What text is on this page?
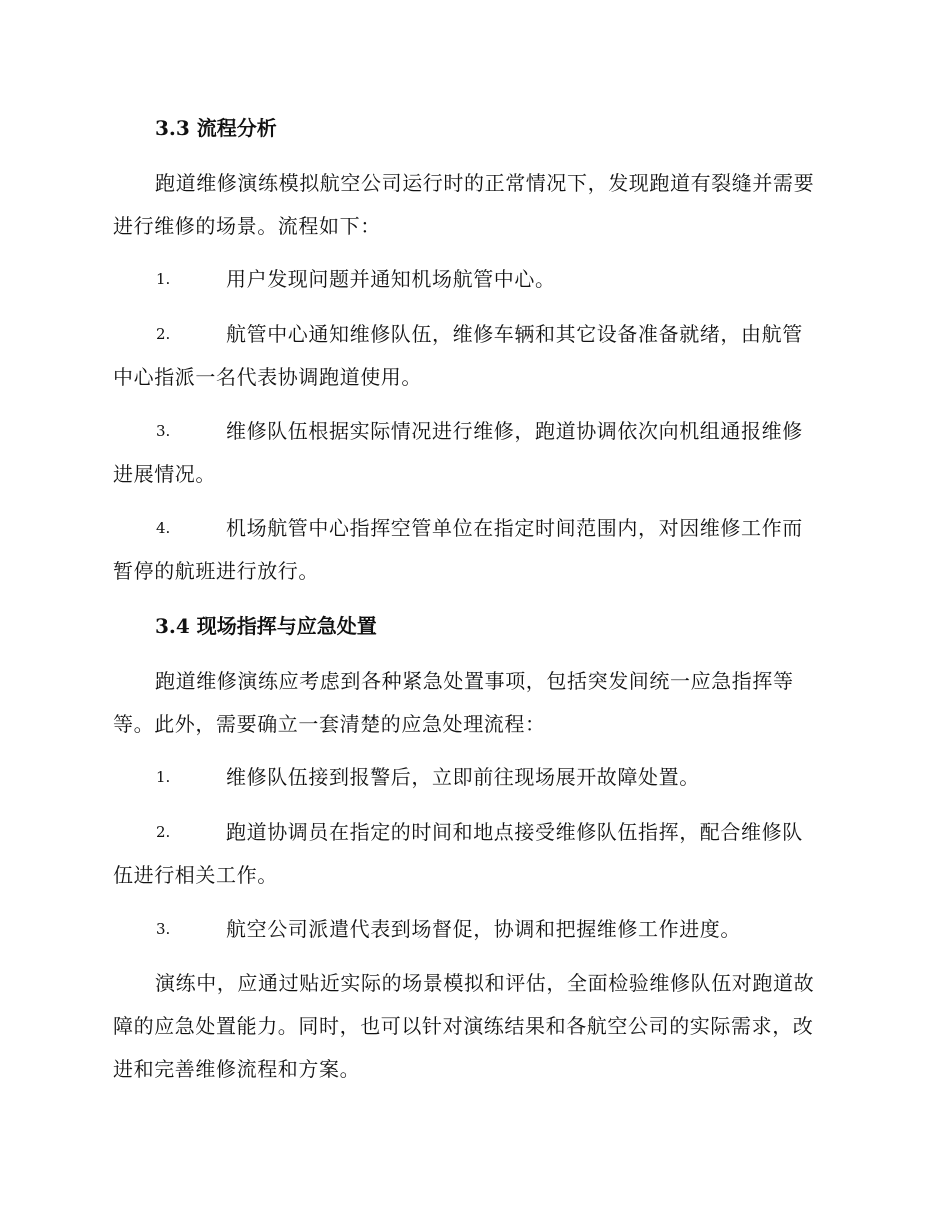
3.3 流程分析

跑道维修演练模拟航空公司运行时的正常情况下，发现跑道有裂缝并需要进行维修的场景。流程如下：

1.	用户发现问题并通知机场航管中心。
2.	航管中心通知维修队伍，维修车辆和其它设备准备就绪，由航管
中心指派一名代表协调跑道使用。
3.	维修队伍根据实际情况进行维修，跑道协调依次向机组通报维修
进展情况。
4.	机场航管中心指挥空管单位在指定时间范围内，对因维修工作而
暂停的航班进行放行。
3.4 现场指挥与应急处置

跑道维修演练应考虑到各种紧急处置事项，包括突发间统一应急指挥等等。此外，需要确立一套清楚的应急处理流程：

1.	维修队伍接到报警后，立即前往现场展开故障处置。
2.	跑道协调员在指定的时间和地点接受维修队伍指挥，配合维修队
伍进行相关工作。
3.	航空公司派遣代表到场督促，协调和把握维修工作进度。

演练中，应通过贴近实际的场景模拟和评估，全面检验维修队伍对跑道故障的应急处置能力。同时，也可以针对演练结果和各航空公司的实际需求，改进和完善维修流程和方案。
